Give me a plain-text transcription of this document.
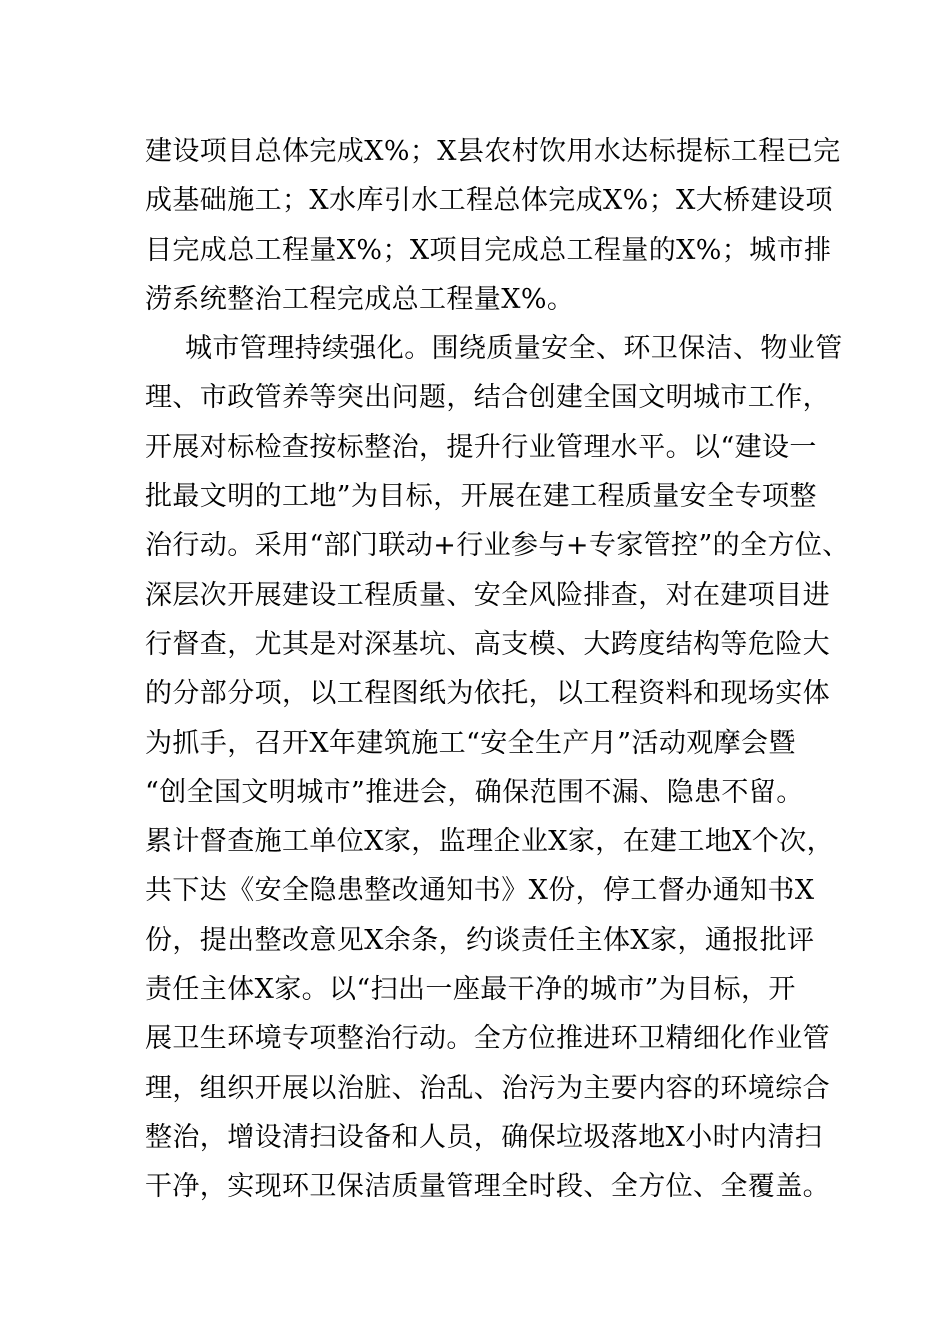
建设项目总体完成X%；X县农村饮用水达标提标工程已完
成基础施工；X水库引水工程总体完成X%；X大桥建设项
目完成总工程量X%；X项目完成总工程量的X%；城市排
涝系统整治工程完成总工程量X%。
城市管理持续强化。围绕质量安全、环卫保洁、物业管
理、市政管养等突出问题，结合创建全国文明城市工作，
开展对标检查按标整治，提升行业管理水平。以“建设一
批最文明的工地”为目标，开展在建工程质量安全专项整
治行动。采用“部门联动+行业参与+专家管控”的全方位、
深层次开展建设工程质量、安全风险排查，对在建项目进
行督查，尤其是对深基坑、高支模、大跨度结构等危险大
的分部分项，以工程图纸为依托，以工程资料和现场实体
为抓手，召开X年建筑施工“安全生产月”活动观摩会暨
“创全国文明城市”推进会，确保范围不漏、隐患不留。
累计督查施工单位X家，监理企业X家，在建工地X个次，
共下达《安全隐患整改通知书》X份，停工督办通知书X
份，提出整改意见X余条，约谈责任主体X家，通报批评
责任主体X家。以“扫出一座最干净的城市”为目标，开
展卫生环境专项整治行动。全方位推进环卫精细化作业管
理，组织开展以治脏、治乱、治污为主要内容的环境综合
整治，增设清扫设备和人员，确保垃圾落地X小时内清扫
干净，实现环卫保洁质量管理全时段、全方位、全覆盖。
